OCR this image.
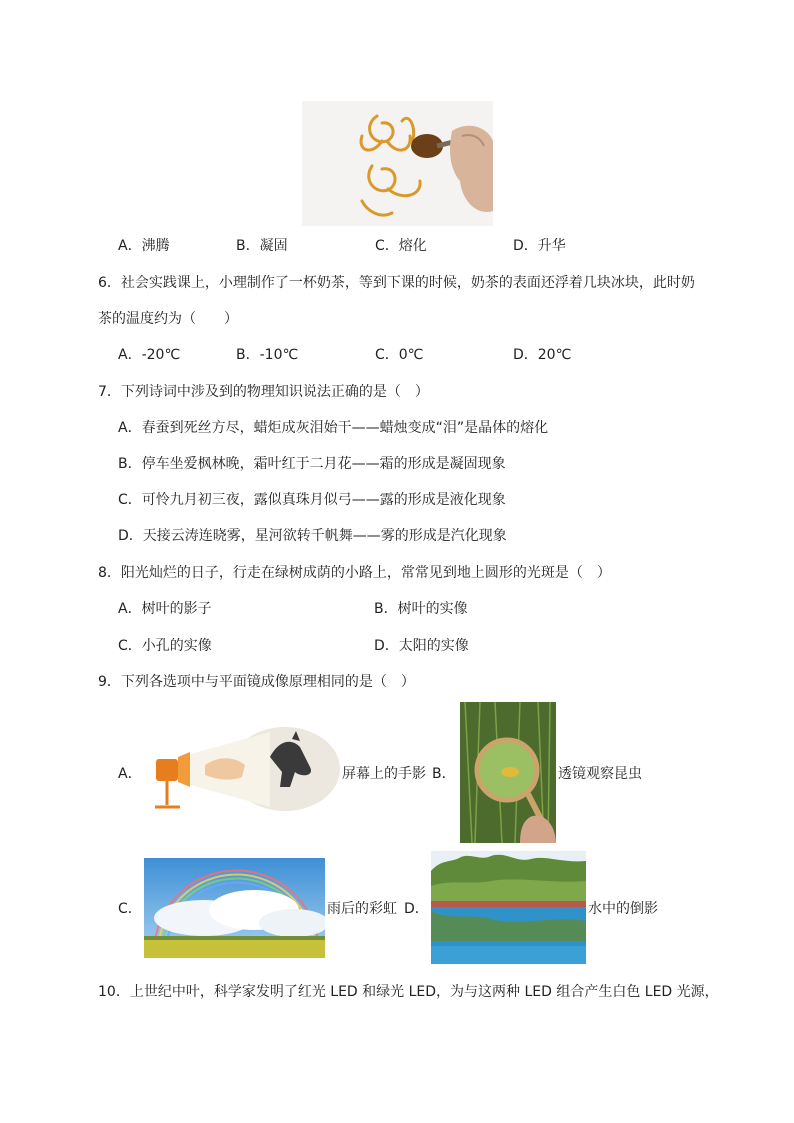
A．沸腾	B．凝固	C．熔化	D．升华
6．社会实践课上，小理制作了一杯奶茶，等到下课的时候，奶茶的表面还浮着几块冰块，此时奶
茶的温度约为（　　）
A．-20℃	B．-10℃	C．0℃	D．20℃
7．下列诗词中涉及到的物理知识说法正确的是（　）
A．春蚕到死丝方尽，蜡炬成灰泪始干——蜡烛变成“泪”是晶体的熔化
B．停车坐爱枫林晚，霜叶红于二月花——霜的形成是凝固现象
C．可怜九月初三夜，露似真珠月似弓——露的形成是液化现象
D．天接云涛连晓雾，星河欲转千帆舞——雾的形成是汽化现象
8．阳光灿烂的日子，行走在绿树成荫的小路上，常常见到地上圆形的光斑是（　）
A．树叶的影子	B．树叶的实像
C．小孔的实像	D．太阳的实像
9．下列各选项中与平面镜成像原理相同的是（　）
A．	屏幕上的手影 B．	透镜观察昆虫
C．	雨后的彩虹 D．	水中的倒影
10．上世纪中叶，科学家发明了红光 LED 和绿光 LED，为与这两种 LED 组合产生白色 LED 光源，
